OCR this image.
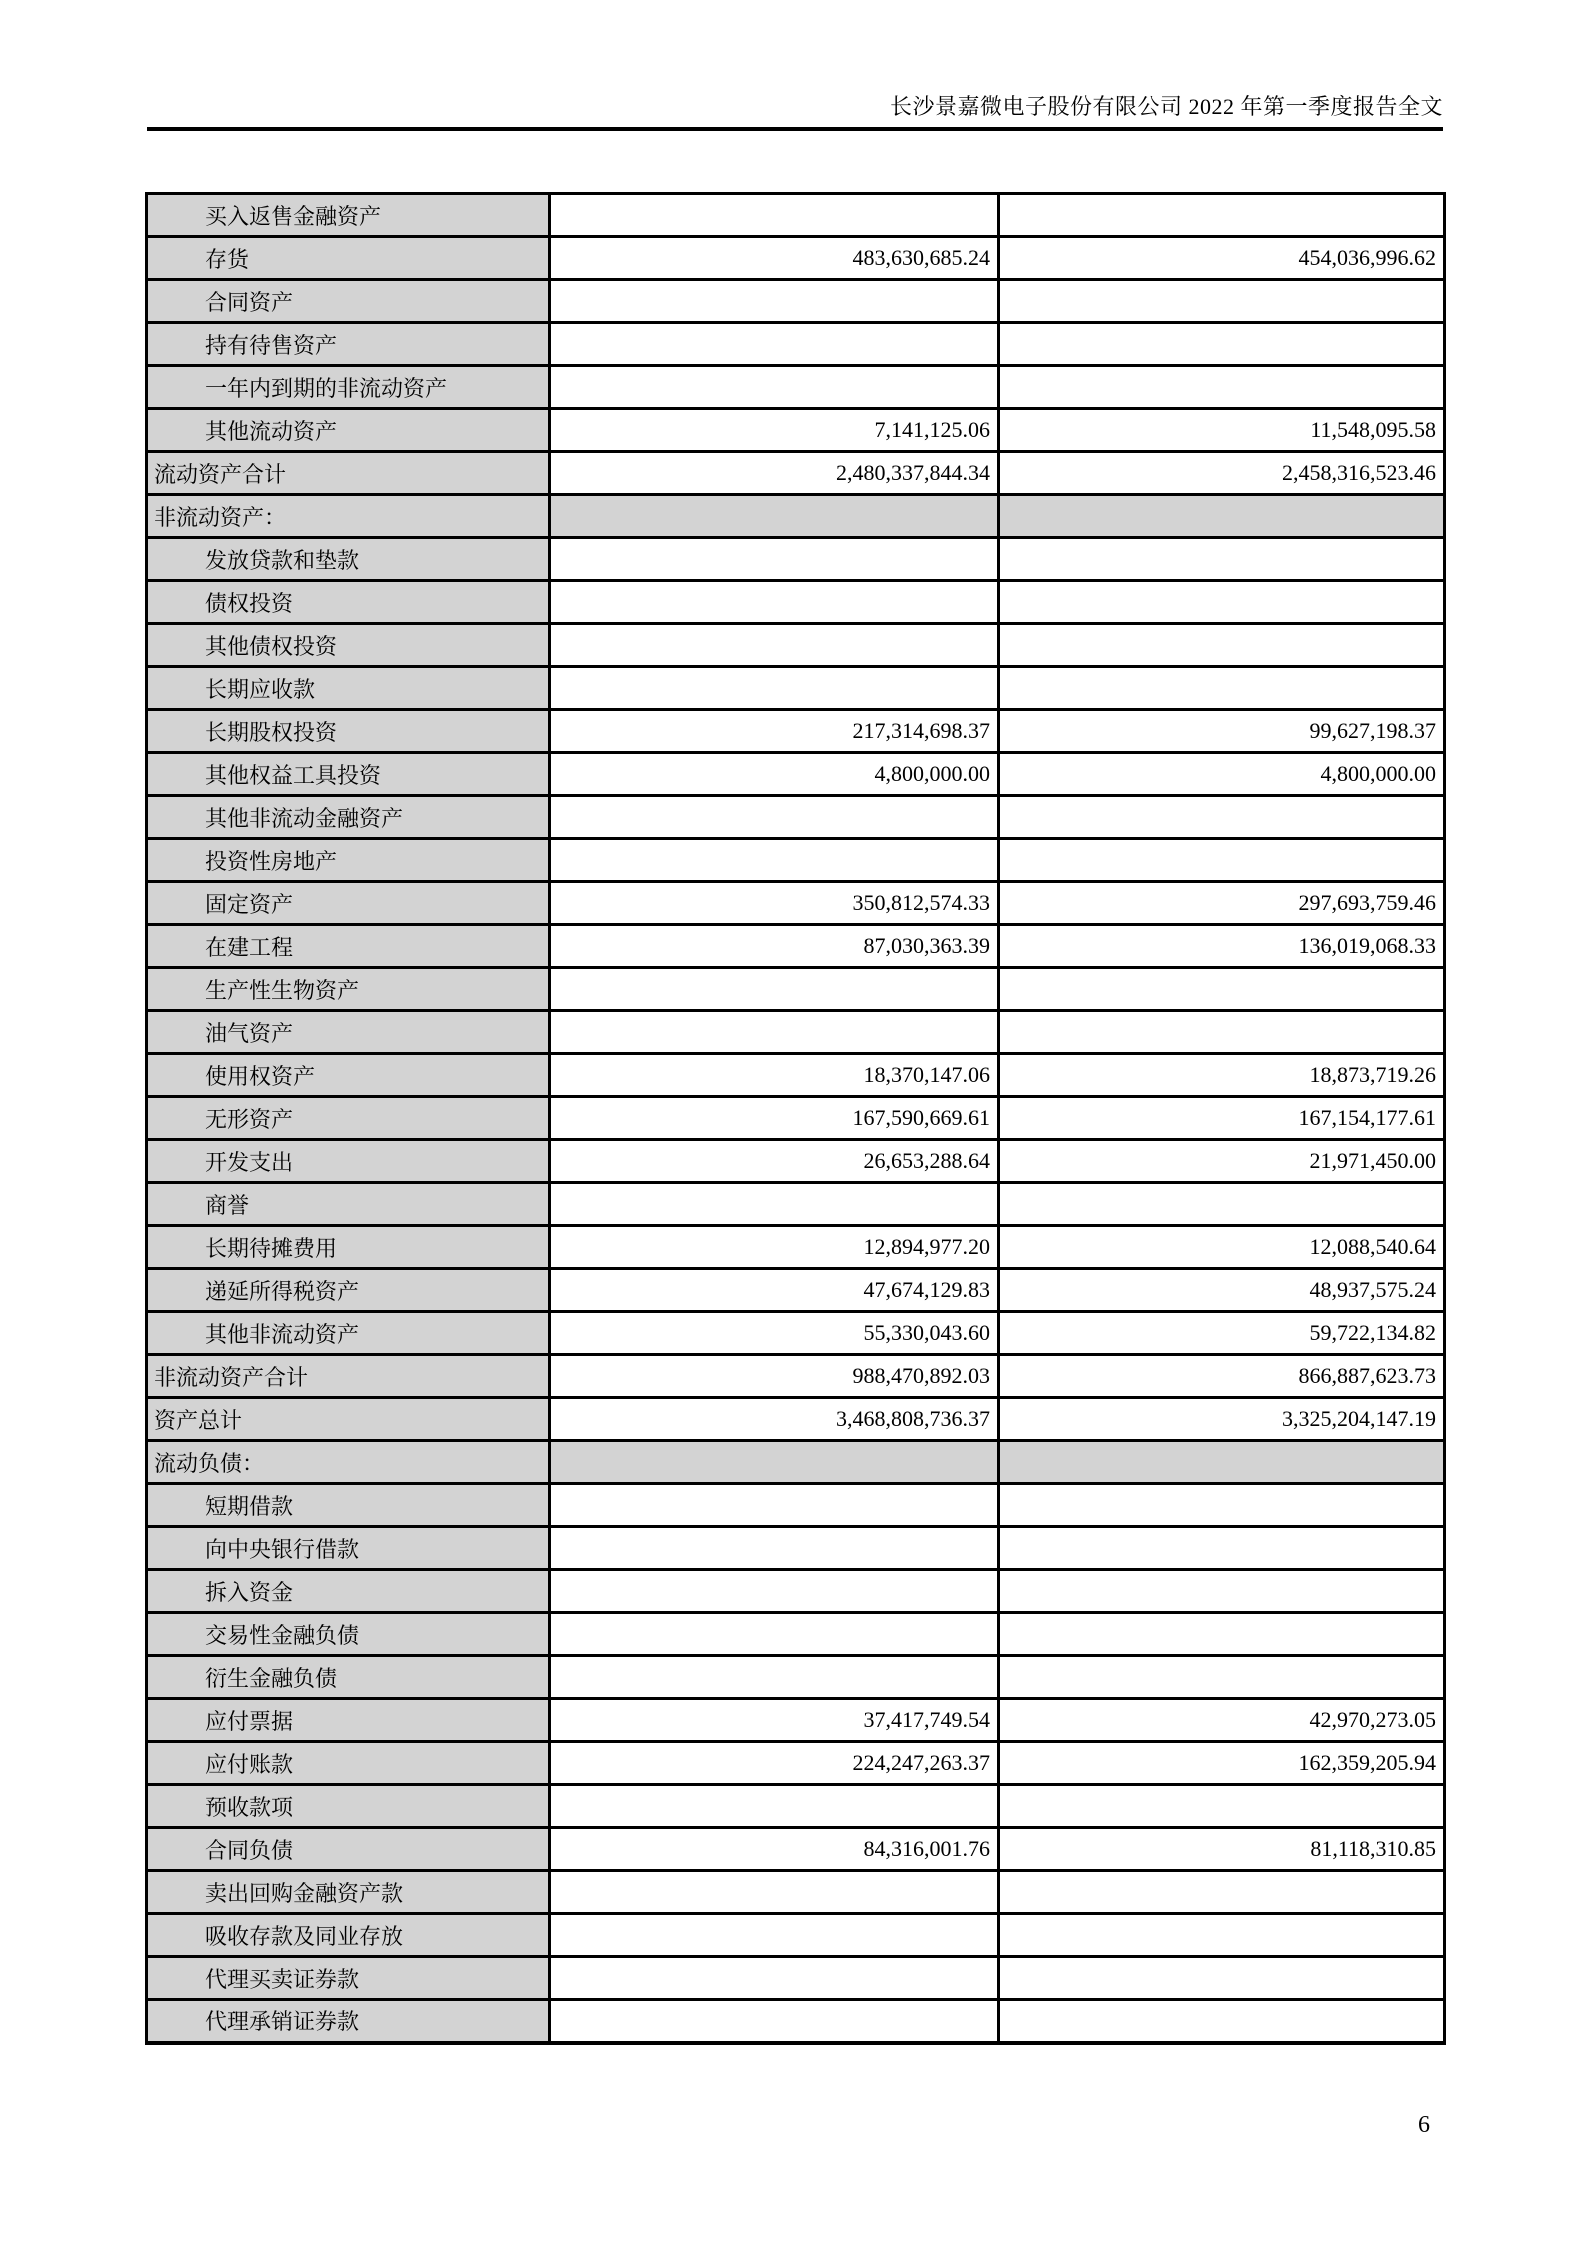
长沙景嘉微电子股份有限公司 2022 年第一季度报告全文
买入返售金融资产		
存货	483,630,685.24	454,036,996.62
合同资产		
持有待售资产		
一年内到期的非流动资产		
其他流动资产	7,141,125.06	11,548,095.58
流动资产合计	2,480,337,844.34	2,458,316,523.46
非流动资产：		
发放贷款和垫款		
债权投资		
其他债权投资		
长期应收款		
长期股权投资	217,314,698.37	99,627,198.37
其他权益工具投资	4,800,000.00	4,800,000.00
其他非流动金融资产		
投资性房地产		
固定资产	350,812,574.33	297,693,759.46
在建工程	87,030,363.39	136,019,068.33
生产性生物资产		
油气资产		
使用权资产	18,370,147.06	18,873,719.26
无形资产	167,590,669.61	167,154,177.61
开发支出	26,653,288.64	21,971,450.00
商誉		
长期待摊费用	12,894,977.20	12,088,540.64
递延所得税资产	47,674,129.83	48,937,575.24
其他非流动资产	55,330,043.60	59,722,134.82
非流动资产合计	988,470,892.03	866,887,623.73
资产总计	3,468,808,736.37	3,325,204,147.19
流动负债：		
短期借款		
向中央银行借款		
拆入资金		
交易性金融负债		
衍生金融负债		
应付票据	37,417,749.54	42,970,273.05
应付账款	224,247,263.37	162,359,205.94
预收款项		
合同负债	84,316,001.76	81,118,310.85
卖出回购金融资产款		
吸收存款及同业存放		
代理买卖证券款		
代理承销证券款		
6
